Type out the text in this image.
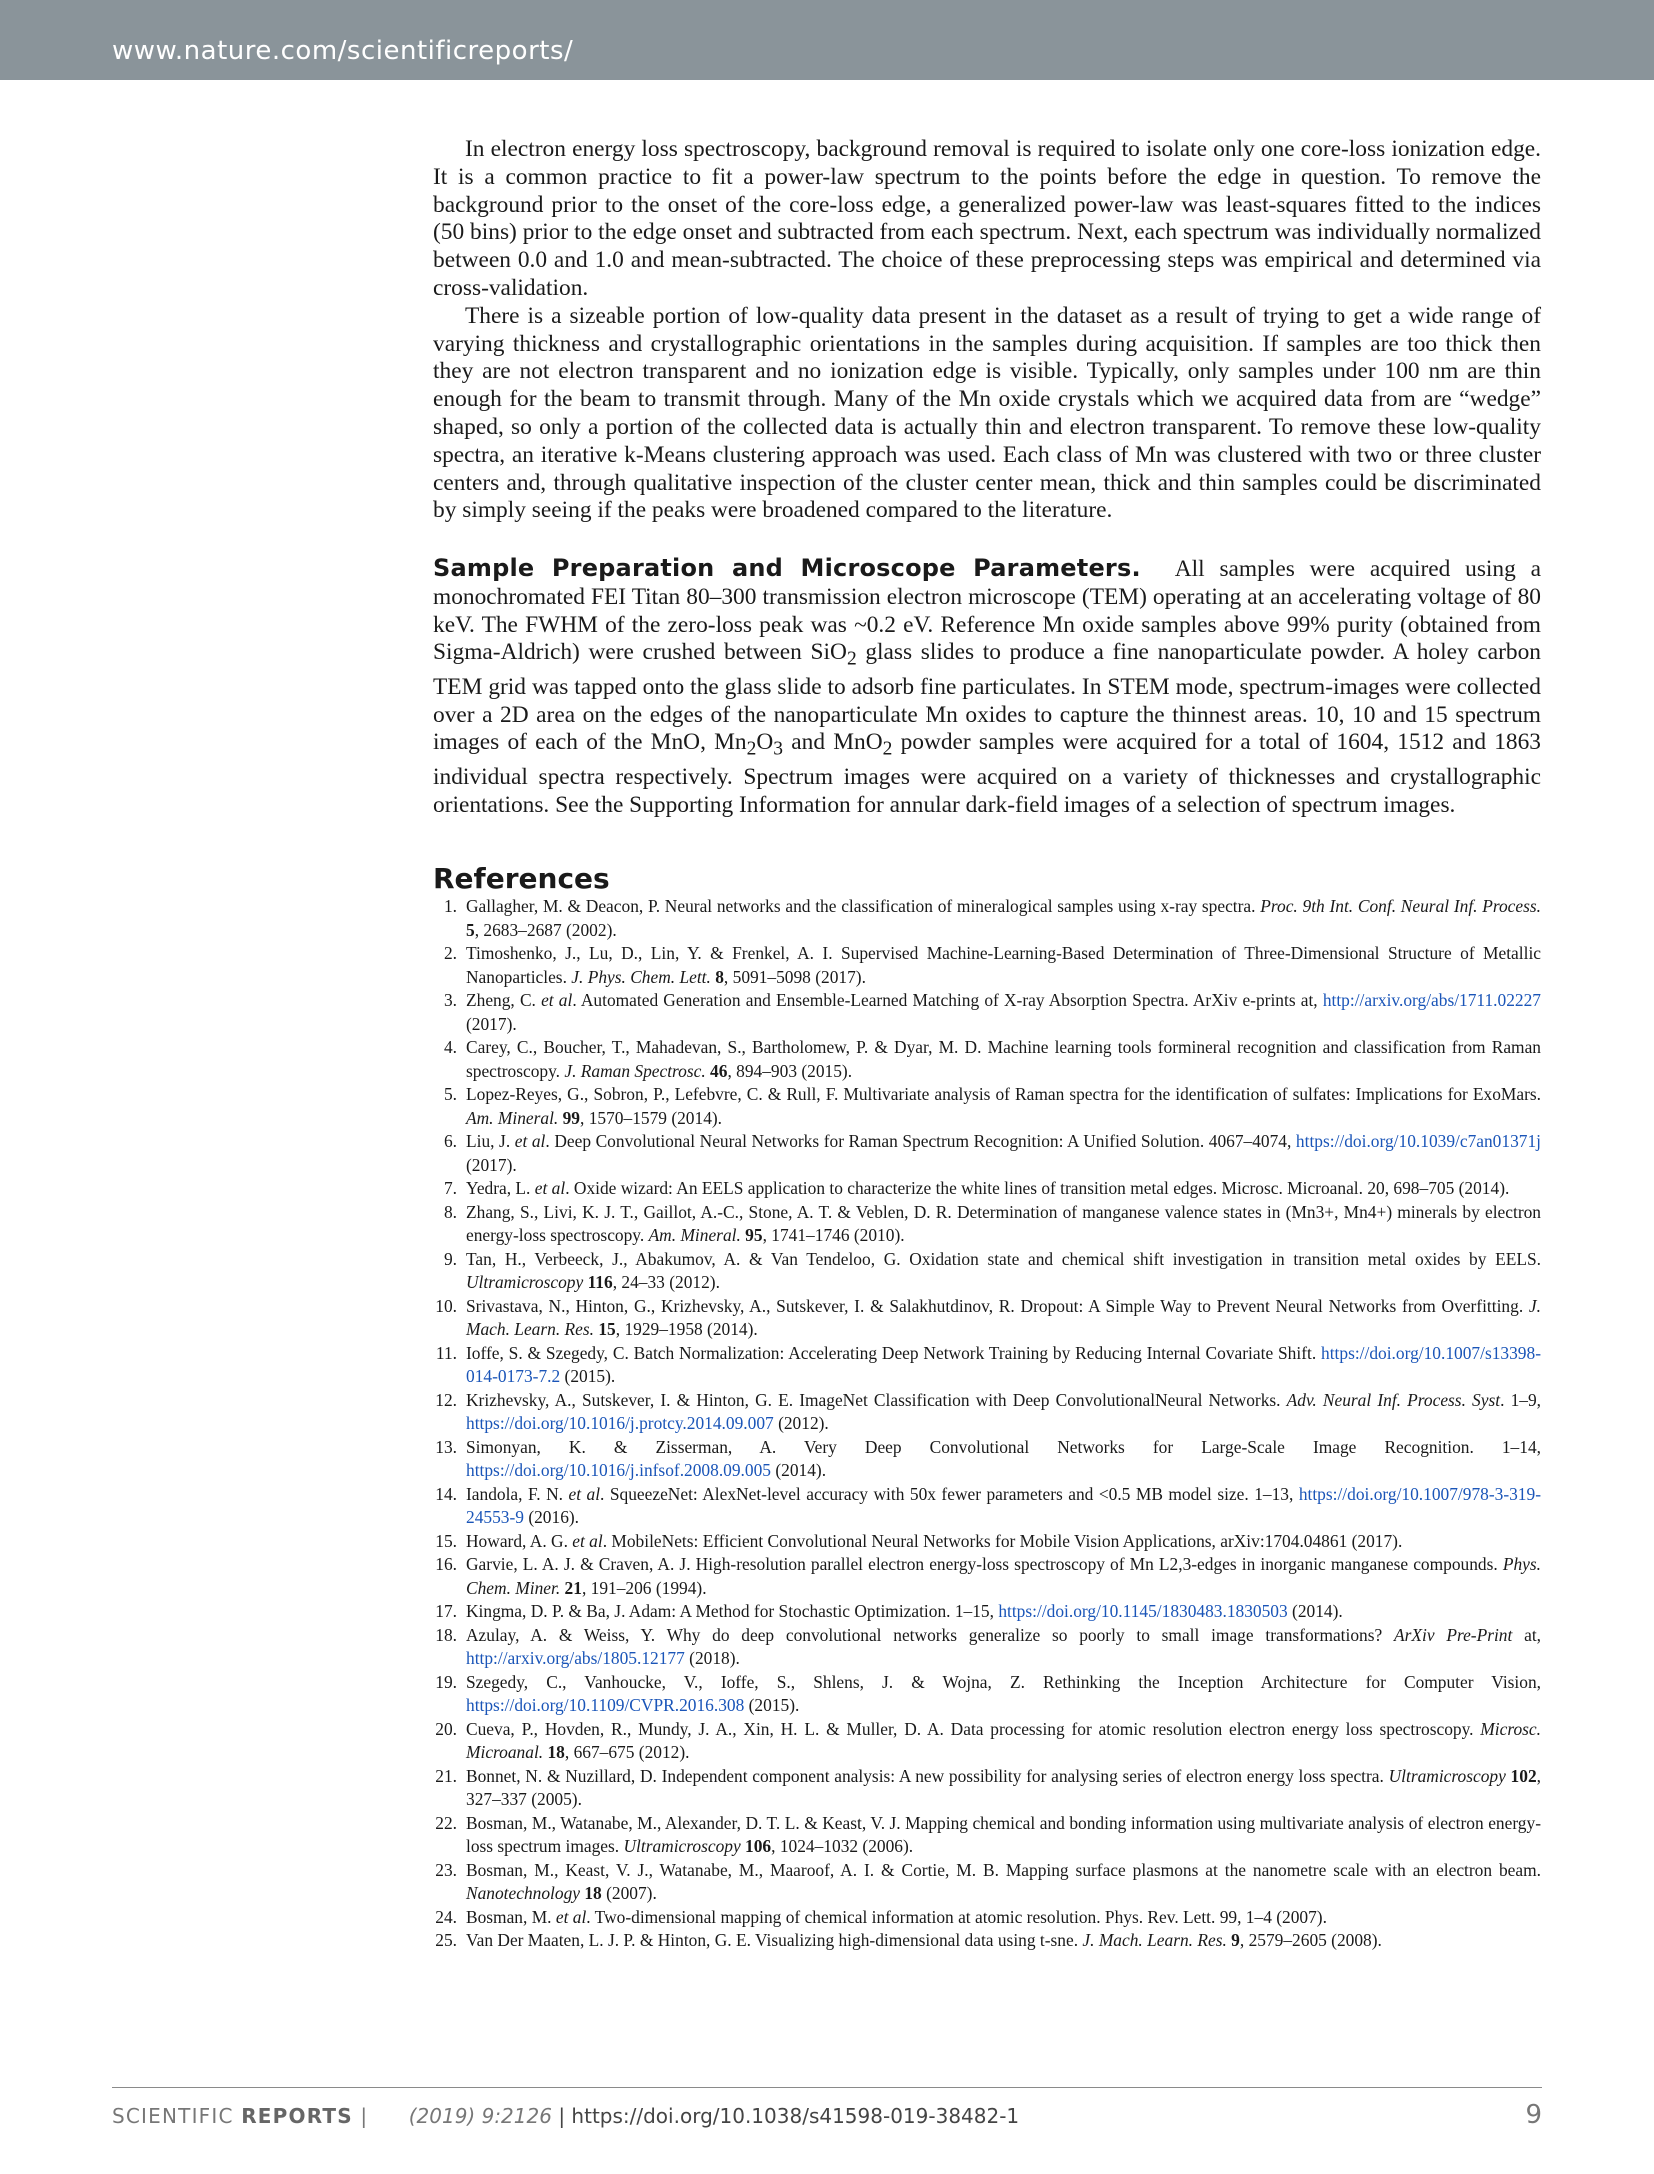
www.nature.com/scientificreports/

In electron energy loss spectroscopy, background removal is required to isolate only one core-loss ionization edge. It is a common practice to fit a power-law spectrum to the points before the edge in question. To remove the background prior to the onset of the core-loss edge, a generalized power-law was least-squares fitted to the indices (50 bins) prior to the edge onset and subtracted from each spectrum. Next, each spectrum was individually normalized between 0.0 and 1.0 and mean-subtracted. The choice of these preprocessing steps was empirical and determined via cross-validation.

There is a sizeable portion of low-quality data present in the dataset as a result of trying to get a wide range of varying thickness and crystallographic orientations in the samples during acquisition. If samples are too thick then they are not electron transparent and no ionization edge is visible. Typically, only samples under 100 nm are thin enough for the beam to transmit through. Many of the Mn oxide crystals which we acquired data from are “wedge” shaped, so only a portion of the collected data is actually thin and electron transparent. To remove these low-quality spectra, an iterative k-Means clustering approach was used. Each class of Mn was clustered with two or three cluster centers and, through qualitative inspection of the cluster center mean, thick and thin samples could be discriminated by simply seeing if the peaks were broadened compared to the literature.

Sample Preparation and Microscope Parameters. All samples were acquired using a monochromated FEI Titan 80–300 transmission electron microscope (TEM) operating at an accelerating voltage of 80 keV. The FWHM of the zero-loss peak was ~0.2 eV. Reference Mn oxide samples above 99% purity (obtained from Sigma-Aldrich) were crushed between SiO$_2$ glass slides to produce a fine nanoparticulate powder. A holey carbon TEM grid was tapped onto the glass slide to adsorb fine particulates. In STEM mode, spectrum-images were collected over a 2D area on the edges of the nanoparticulate Mn oxides to capture the thinnest areas. 10, 10 and 15 spectrum images of each of the MnO, $Mn_2O_3$ and MnO$_2$ powder samples were acquired for a total of 1604, 1512 and 1863 individual spectra respectively. Spectrum images were acquired on a variety of thicknesses and crystallographic orientations. See the Supporting Information for annular dark-field images of a selection of spectrum images.

References
1. Gallagher, M. & Deacon, P. Neural networks and the classification of mineralogical samples using x-ray spectra. Proc. 9th Int. Conf. Neural Inf. Process. 5, 2683–2687 (2002).
2. Timoshenko, J., Lu, D., Lin, Y. & Frenkel, A. I. Supervised Machine-Learning-Based Determination of Three-Dimensional Structure of Metallic Nanoparticles. J. Phys. Chem. Lett. 8, 5091–5098 (2017).
3. Zheng, C. et al. Automated Generation and Ensemble-Learned Matching of X-ray Absorption Spectra. ArXiv e-prints at, http://arxiv.org/abs/1711.02227 (2017).
4. Carey, C., Boucher, T., Mahadevan, S., Bartholomew, P. & Dyar, M. D. Machine learning tools formineral recognition and classification from Raman spectroscopy. J. Raman Spectrosc. 46, 894–903 (2015).
5. Lopez-Reyes, G., Sobron, P., Lefebvre, C. & Rull, F. Multivariate analysis of Raman spectra for the identification of sulfates: Implications for ExoMars. Am. Mineral. 99, 1570–1579 (2014).
6. Liu, J. et al. Deep Convolutional Neural Networks for Raman Spectrum Recognition: A Unified Solution. 4067–4074, https://doi.org/10.1039/c7an01371j (2017).
7. Yedra, L. et al. Oxide wizard: An EELS application to characterize the white lines of transition metal edges. Microsc. Microanal. 20, 698–705 (2014).
8. Zhang, S., Livi, K. J. T., Gaillot, A.-C., Stone, A. T. & Veblen, D. R. Determination of manganese valence states in (Mn3+, Mn4+) minerals by electron energy-loss spectroscopy. Am. Mineral. 95, 1741–1746 (2010).
9. Tan, H., Verbeeck, J., Abakumov, A. & Van Tendeloo, G. Oxidation state and chemical shift investigation in transition metal oxides by EELS. Ultramicroscopy 116, 24–33 (2012).
10. Srivastava, N., Hinton, G., Krizhevsky, A., Sutskever, I. & Salakhutdinov, R. Dropout: A Simple Way to Prevent Neural Networks from Overfitting. J. Mach. Learn. Res. 15, 1929–1958 (2014).
11. Ioffe, S. & Szegedy, C. Batch Normalization: Accelerating Deep Network Training by Reducing Internal Covariate Shift. https://doi.org/10.1007/s13398-014-0173-7.2 (2015).
12. Krizhevsky, A., Sutskever, I. & Hinton, G. E. ImageNet Classification with Deep ConvolutionalNeural Networks. Adv. Neural Inf. Process. Syst. 1–9, https://doi.org/10.1016/j.protcy.2014.09.007 (2012).
13. Simonyan, K. & Zisserman, A. Very Deep Convolutional Networks for Large-Scale Image Recognition. 1–14, https://doi.org/10.1016/j.infsof.2008.09.005 (2014).
14. Iandola, F. N. et al. SqueezeNet: AlexNet-level accuracy with 50x fewer parameters and <0.5 MB model size. 1–13, https://doi.org/10.1007/978-3-319-24553-9 (2016).
15. Howard, A. G. et al. MobileNets: Efficient Convolutional Neural Networks for Mobile Vision Applications, arXiv:1704.04861 (2017).
16. Garvie, L. A. J. & Craven, A. J. High-resolution parallel electron energy-loss spectroscopy of Mn L2,3-edges in inorganic manganese compounds. Phys. Chem. Miner. 21, 191–206 (1994).
17. Kingma, D. P. & Ba, J. Adam: A Method for Stochastic Optimization. 1–15, https://doi.org/10.1145/1830483.1830503 (2014).
18. Azulay, A. & Weiss, Y. Why do deep convolutional networks generalize so poorly to small image transformations? ArXiv Pre-Print at, http://arxiv.org/abs/1805.12177 (2018).
19. Szegedy, C., Vanhoucke, V., Ioffe, S., Shlens, J. & Wojna, Z. Rethinking the Inception Architecture for Computer Vision, https://doi.org/10.1109/CVPR.2016.308 (2015).
20. Cueva, P., Hovden, R., Mundy, J. A., Xin, H. L. & Muller, D. A. Data processing for atomic resolution electron energy loss spectroscopy. Microsc. Microanal. 18, 667–675 (2012).
21. Bonnet, N. & Nuzillard, D. Independent component analysis: A new possibility for analysing series of electron energy loss spectra. Ultramicroscopy 102, 327–337 (2005).
22. Bosman, M., Watanabe, M., Alexander, D. T. L. & Keast, V. J. Mapping chemical and bonding information using multivariate analysis of electron energy-loss spectrum images. Ultramicroscopy 106, 1024–1032 (2006).
23. Bosman, M., Keast, V. J., Watanabe, M., Maaroof, A. I. & Cortie, M. B. Mapping surface plasmons at the nanometre scale with an electron beam. Nanotechnology 18 (2007).
24. Bosman, M. et al. Two-dimensional mapping of chemical information at atomic resolution. Phys. Rev. Lett. 99, 1–4 (2007).
25. Van Der Maaten, L. J. P. & Hinton, G. E. Visualizing high-dimensional data using t-sne. J. Mach. Learn. Res. 9, 2579–2605 (2008).
SCIENTIFIC REPORTS | (2019) 9:2126 | https://doi.org/10.1038/s41598-019-38482-1	9
